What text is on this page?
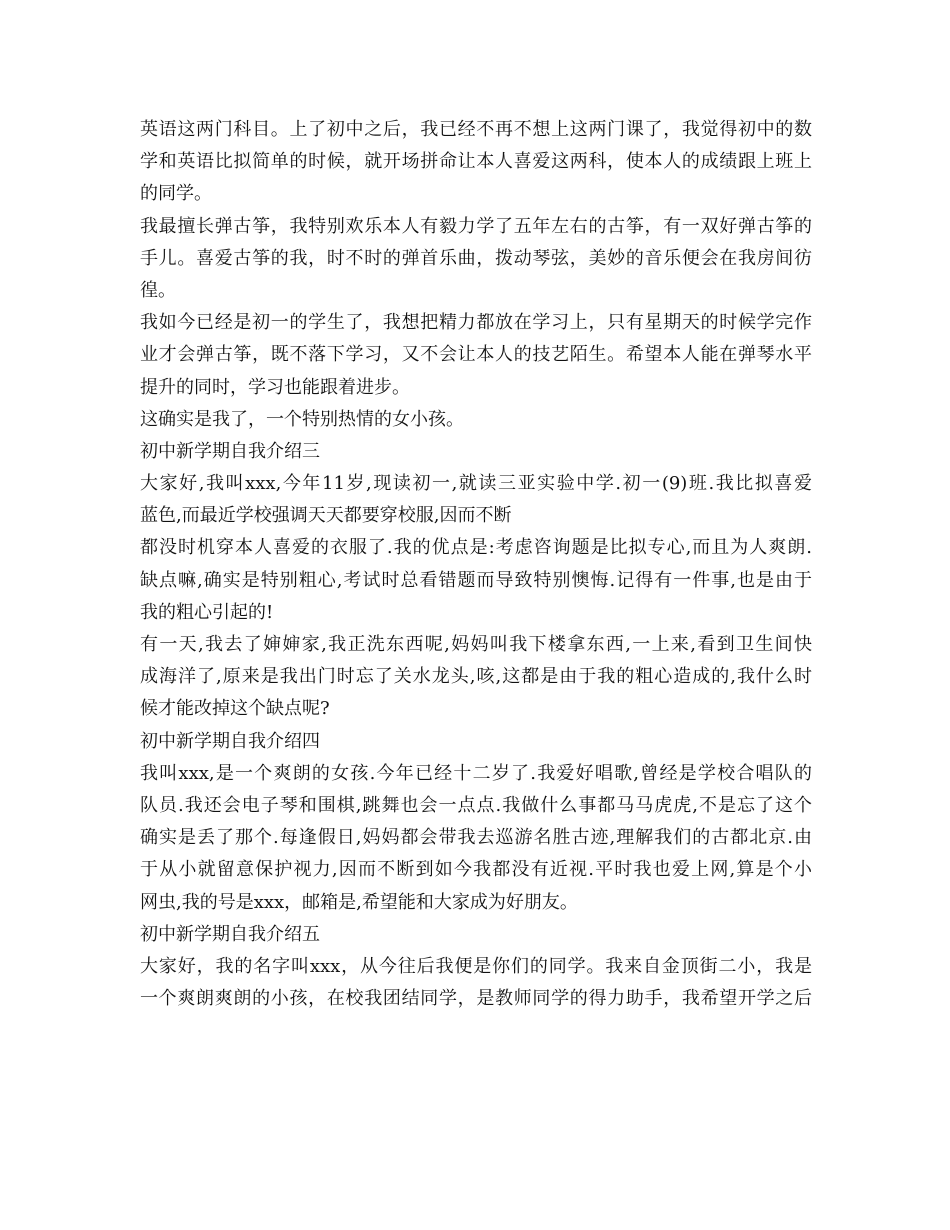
英语这两门科目。上了初中之后，我已经不再不想上这两门课了，我觉得初中的数
学和英语比拟简单的时候，就开场拼命让本人喜爱这两科，使本人的成绩跟上班上
的同学。
我最擅长弹古筝，我特别欢乐本人有毅力学了五年左右的古筝，有一双好弹古筝的
手儿。喜爱古筝的我，时不时的弹首乐曲，拨动琴弦，美妙的音乐便会在我房间彷
徨。
我如今已经是初一的学生了，我想把精力都放在学习上，只有星期天的时候学完作
业才会弹古筝，既不落下学习，又不会让本人的技艺陌生。希望本人能在弹琴水平
提升的同时，学习也能跟着进步。
这确实是我了，一个特别热情的女小孩。
初中新学期自我介绍三
大家好,我叫xxx,今年11岁,现读初一,就读三亚实验中学.初一(9)班.我比拟喜爱
蓝色,而最近学校强调天天都要穿校服,因而不断
都没时机穿本人喜爱的衣服了.我的优点是:考虑咨询题是比拟专心,而且为人爽朗.
缺点嘛,确实是特别粗心,考试时总看错题而导致特别懊悔.记得有一件事,也是由于
我的粗心引起的!
有一天,我去了婶婶家,我正洗东西呢,妈妈叫我下楼拿东西,一上来,看到卫生间快
成海洋了,原来是我出门时忘了关水龙头,咳,这都是由于我的粗心造成的,我什么时
候才能改掉这个缺点呢?
初中新学期自我介绍四
我叫xxx,是一个爽朗的女孩.今年已经十二岁了.我爱好唱歌,曾经是学校合唱队的
队员.我还会电子琴和围棋,跳舞也会一点点.我做什么事都马马虎虎,不是忘了这个
确实是丢了那个.每逢假日,妈妈都会带我去巡游名胜古迹,理解我们的古都北京.由
于从小就留意保护视力,因而不断到如今我都没有近视.平时我也爱上网,算是个小
网虫,我的号是xxx，邮箱是,希望能和大家成为好朋友。
初中新学期自我介绍五
大家好，我的名字叫xxx，从今往后我便是你们的同学。我来自金顶街二小，我是
一个爽朗爽朗的小孩，在校我团结同学，是教师同学的得力助手，我希望开学之后
